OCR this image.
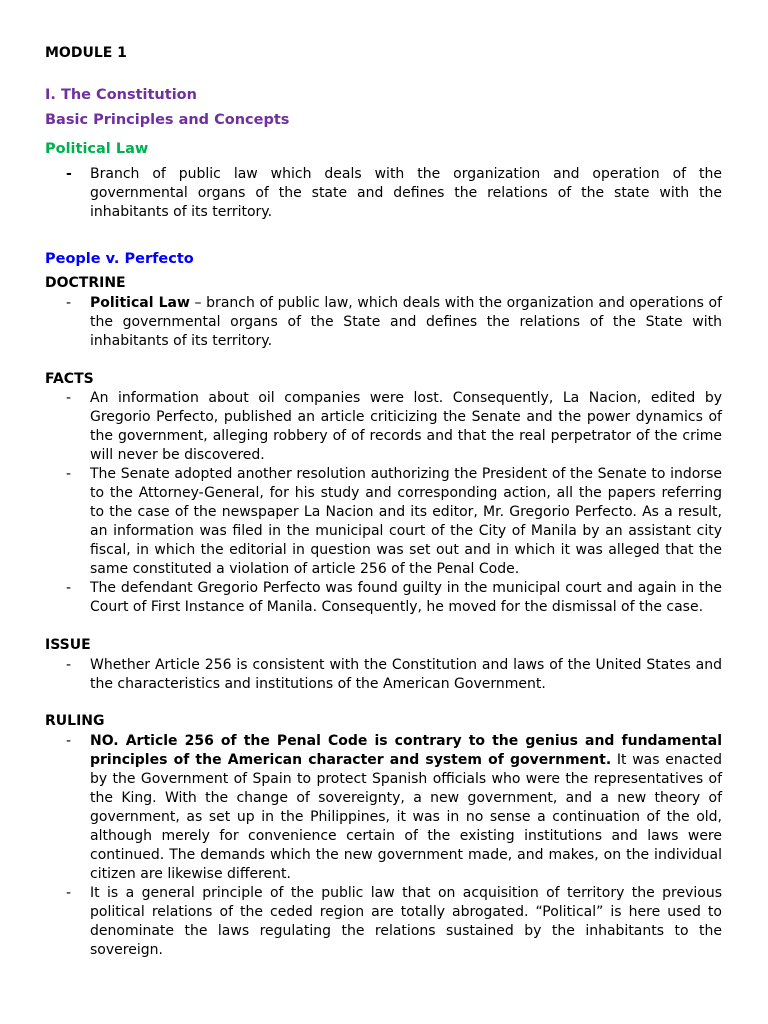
MODULE 1
I. The Constitution
Basic Principles and Concepts
Political Law
- Branch of public law which deals with the organization and operation of the governmental organs of the state and defines the relations of the state with the inhabitants of its territory.
People v. Perfecto
DOCTRINE
- Political Law – branch of public law, which deals with the organization and operations of the governmental organs of the State and defines the relations of the State with inhabitants of its territory.
FACTS
- An information about oil companies were lost. Consequently, La Nacion, edited by Gregorio Perfecto, published an article criticizing the Senate and the power dynamics of the government, alleging robbery of of records and that the real perpetrator of the crime will never be discovered.
- The Senate adopted another resolution authorizing the President of the Senate to indorse to the Attorney-General, for his study and corresponding action, all the papers referring to the case of the newspaper La Nacion and its editor, Mr. Gregorio Perfecto. As a result, an information was filed in the municipal court of the City of Manila by an assistant city fiscal, in which the editorial in question was set out and in which it was alleged that the same constituted a violation of article 256 of the Penal Code.
- The defendant Gregorio Perfecto was found guilty in the municipal court and again in the Court of First Instance of Manila. Consequently, he moved for the dismissal of the case.
ISSUE
- Whether Article 256 is consistent with the Constitution and laws of the United States and the characteristics and institutions of the American Government.
RULING
- NO. Article 256 of the Penal Code is contrary to the genius and fundamental principles of the American character and system of government. It was enacted by the Government of Spain to protect Spanish officials who were the representatives of the King. With the change of sovereignty, a new government, and a new theory of government, as set up in the Philippines, it was in no sense a continuation of the old, although merely for convenience certain of the existing institutions and laws were continued. The demands which the new government made, and makes, on the individual citizen are likewise different.
- It is a general principle of the public law that on acquisition of territory the previous political relations of the ceded region are totally abrogated. “Political” is here used to denominate the laws regulating the relations sustained by the inhabitants to the sovereign.
